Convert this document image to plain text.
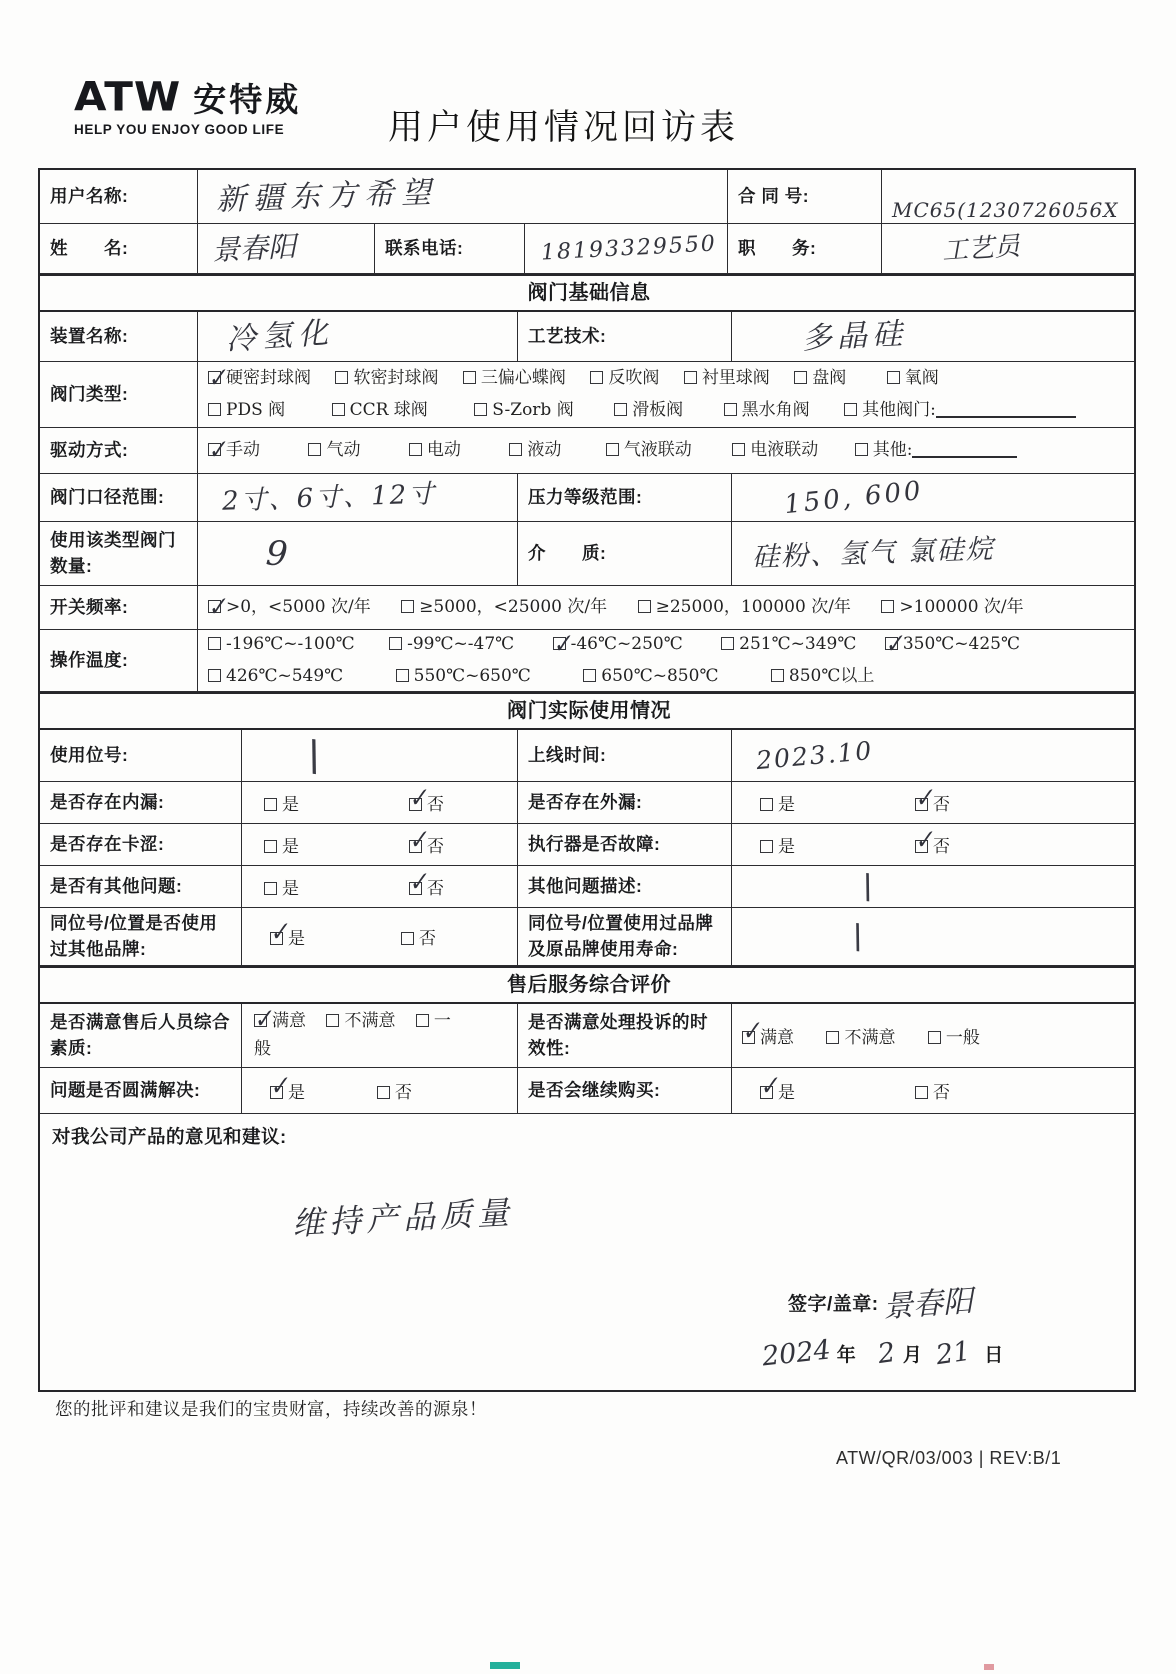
ATW 安特威
HELP YOU ENJOY GOOD LIFE	用户使用情况回访表
用户名称:	新疆东方希望	合 同 号:
MC65(1230726056X
姓　　名:	景春阳	联系电话:	18193329550 职　　务:	工艺员
阀门基础信息
装置名称:	冷氢化	工艺技术:	多晶硅
阀门类型:
✓硬密封球阀 软密封球阀 三偏心蝶阀 反吹阀 衬里球阀 盘阀	氧阀
PDS 阀	CCR 球阀	S-Zorb 阀	滑板阀	黑水角阀	其他阀门:
驱动方式: ✓	手动	气动	电动	液动	气液联动	电液联动	其他:
阀门口径范围: 2寸、6寸、12寸	压力等级范围:	150, 600
使用该类型阀门数量:	9	介　　质:	硅粉、氢气 氯硅烷
开关频率: ✓	>0，<5000 次/年	≥5000，<25000 次/年	≥25000，100000 次/年	>100000 次/年
操作温度:
-196℃~-100℃	-99℃~-47℃ ✓	-46℃~250℃	251℃~349℃ ✓	350℃~425℃
426℃~549℃	550℃~650℃	650℃~850℃	850℃以上
阀门实际使用情况
使用位号:	\	上线时间:	2023.10
是否存在内漏:	是 ✓	否	是否存在外漏:	是 ✓	否
是否存在卡涩:	是 ✓	否	执行器是否故障:	是 ✓	否
是否有其他问题:	是 ✓	否	其他问题描述:	\
同位号/位置是否使用过其他品牌: ✓	是	否
同位号/位置使用过品牌及原品牌使用寿命:	\
售后服务综合评价
是否满意售后人员综合素质:
✓满意 不满意 一般
是否满意处理投诉的时效性: ✓	满意	不满意	一般
问题是否圆满解决: ✓	是	否	是否会继续购买: ✓	是	否
对我公司产品的意见和建议:
维持产品质量
签字/盖章: 景春阳
2024 年 2 月 21 日
您的批评和建议是我们的宝贵财富，持续改善的源泉！
ATW/QR/03/003 | REV:B/1
